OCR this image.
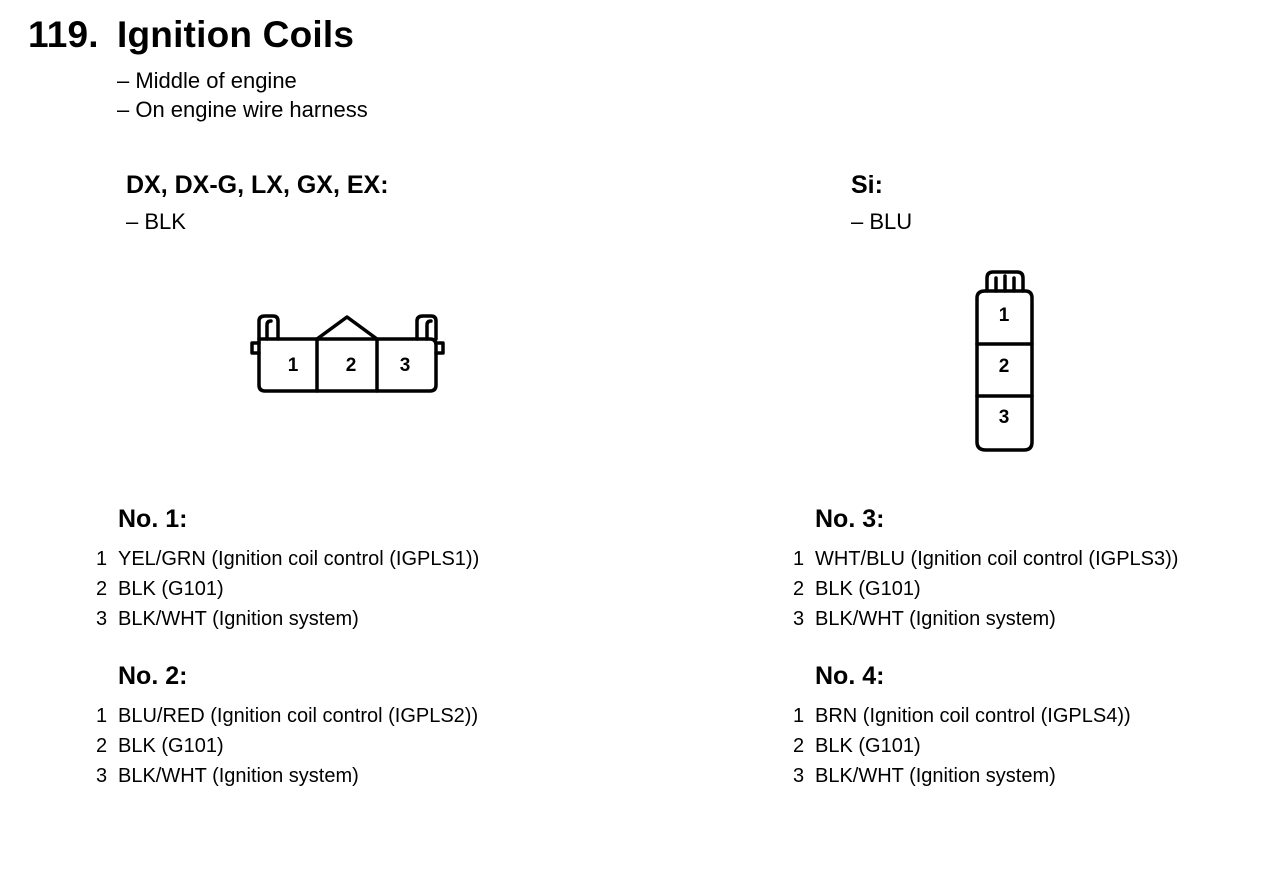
119. Ignition Coils
– Middle of engine
– On engine wire harness
DX, DX-G, LX, GX, EX:
– BLK
1 2 3
Si:
– BLU
1
2
3
No. 1:
1 YEL/GRN (Ignition coil control (IGPLS1))
2 BLK (G101)
3 BLK/WHT (Ignition system)
No. 2:
1 BLU/RED (Ignition coil control (IGPLS2))
2 BLK (G101)
3 BLK/WHT (Ignition system)
No. 3:
1 WHT/BLU (Ignition coil control (IGPLS3))
2 BLK (G101)
3 BLK/WHT (Ignition system)
No. 4:
1 BRN (Ignition coil control (IGPLS4))
2 BLK (G101)
3 BLK/WHT (Ignition system)
